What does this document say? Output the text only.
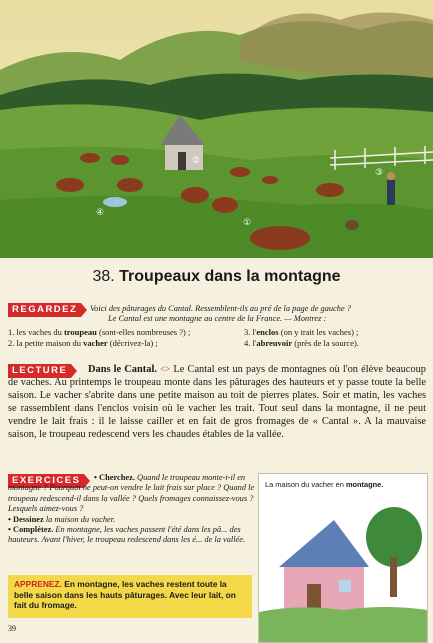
①
②
③
④
38. Troupeaux dans la montagne
REGARDEZ	Voici des pâturages du Cantal. Ressemblent-ils au pré de la page de gauche ?
Le Cantal est une montagne au centre de la France. — Montrez :
1. les vaches du troupeau (sont-elles nombreuses ?) ;	3. l'enclos (on y trait les vaches) ;
2. la petite maison du vacher (décrivez-la) ;	4. l'abreuvoir (près de la source).
LECTURE	Dans le Cantal. <> Le Cantal est un pays de montagnes où l'on élève beaucoup de vaches. Au printemps le troupeau monte dans les pâturages des hauteurs et y passe toute la belle saison. Le vacher s'abrite dans une petite maison au toit de pierres plates. Soir et matin, les vaches se rassemblent dans l'enclos voisin où le vacher les trait. Tout seul dans la montagne, il ne peut vendre le lait frais : il le laisse cailler et en fait de gros fromages de « Cantal ». A la mauvaise saison, le troupeau redescend vers les chaudes étables de la vallée.
EXERCICES	• Cherchez. Quand le troupeau monte-t-il en montagne ? Pourquoi ne peut-on vendre le lait frais sur place ? Quand le troupeau redescend-il dans la vallée ? Quels fromages connaissez-vous ? Lesquels aimez-vous ?
• Dessinez la maison du vacher.
• Complétez. En montagne, les vaches passent l'été dans les pâ... des hauteurs. Avant l'hiver, le troupeau redescend dans les é... de la vallée.
La maison du vacher en montagne.
APPRENEZ. En montagne, les vaches restent toute la belle saison dans les hauts pâturages. Avec leur lait, on fait du fromage.
39
